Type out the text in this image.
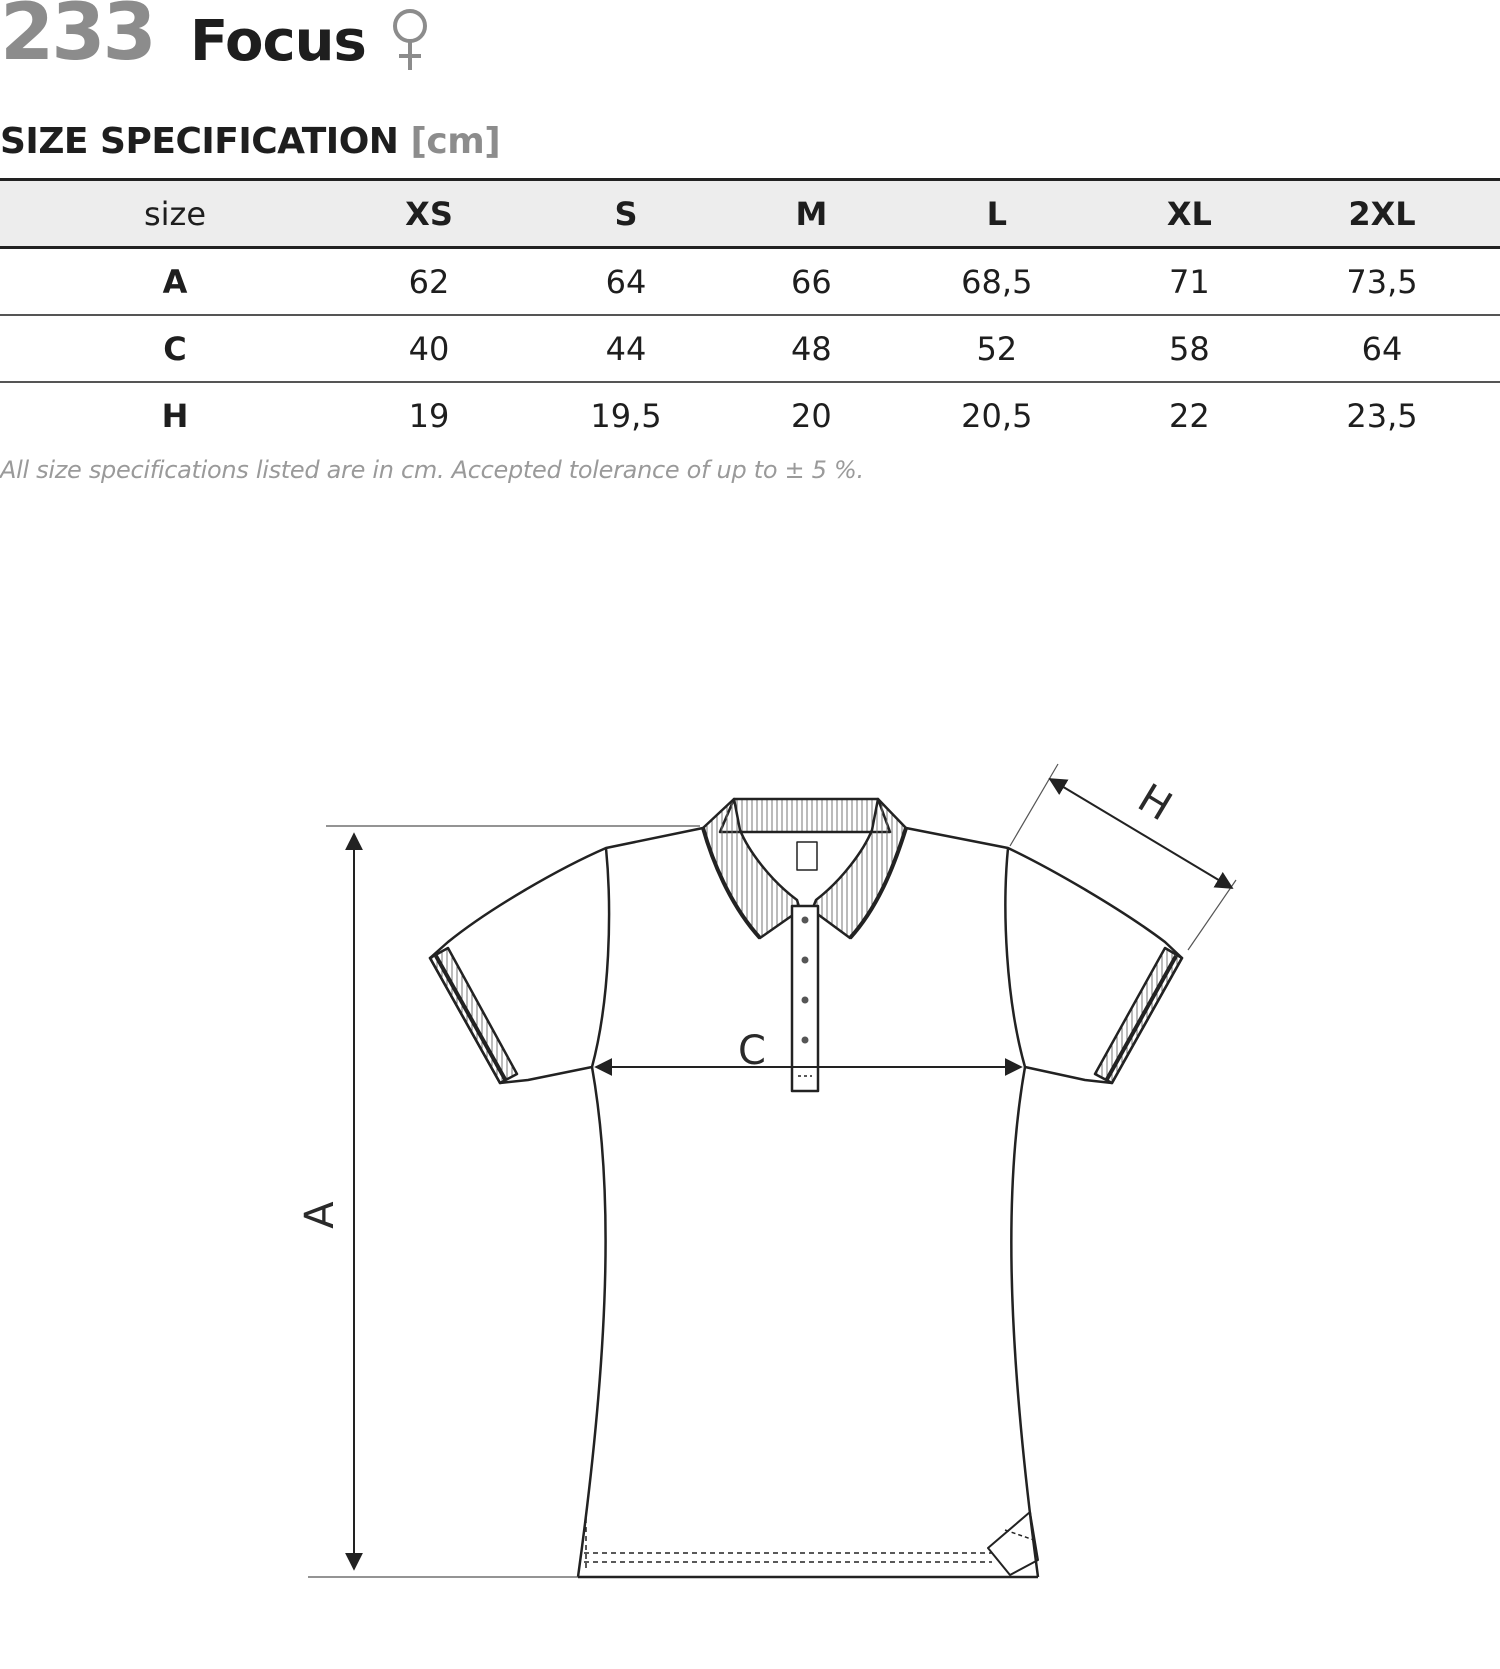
233 Focus
SIZE SPECIFICATION [cm]
size	XS	S	M	L	XL	2XL
A	62	64	66	68,5	71	73,5
C	40	44	48	52	58	64
H	19	19,5	20	20,5	22	23,5
All size specifications listed are in cm. Accepted tolerance of up to ± 5 %.
A
C
H
